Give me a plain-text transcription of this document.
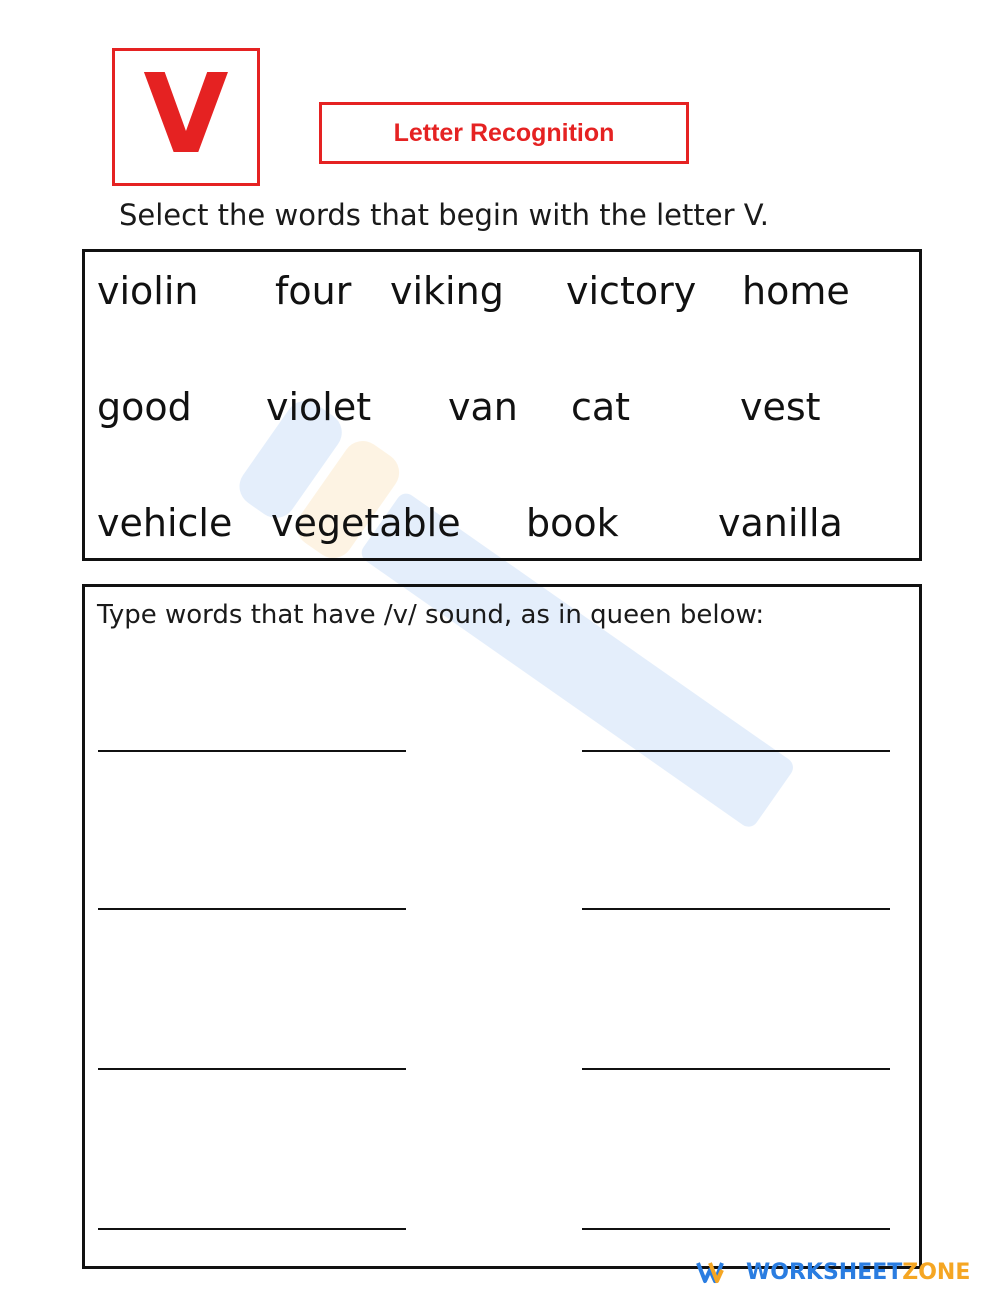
V	Letter Recognition
Select the words that begin with the letter V.
violin four viking victory home
good violet van cat	vest
vehicle vegetable book	vanilla
Type words that have /v/ sound, as in queen below:
WORKSHEET ZONE
